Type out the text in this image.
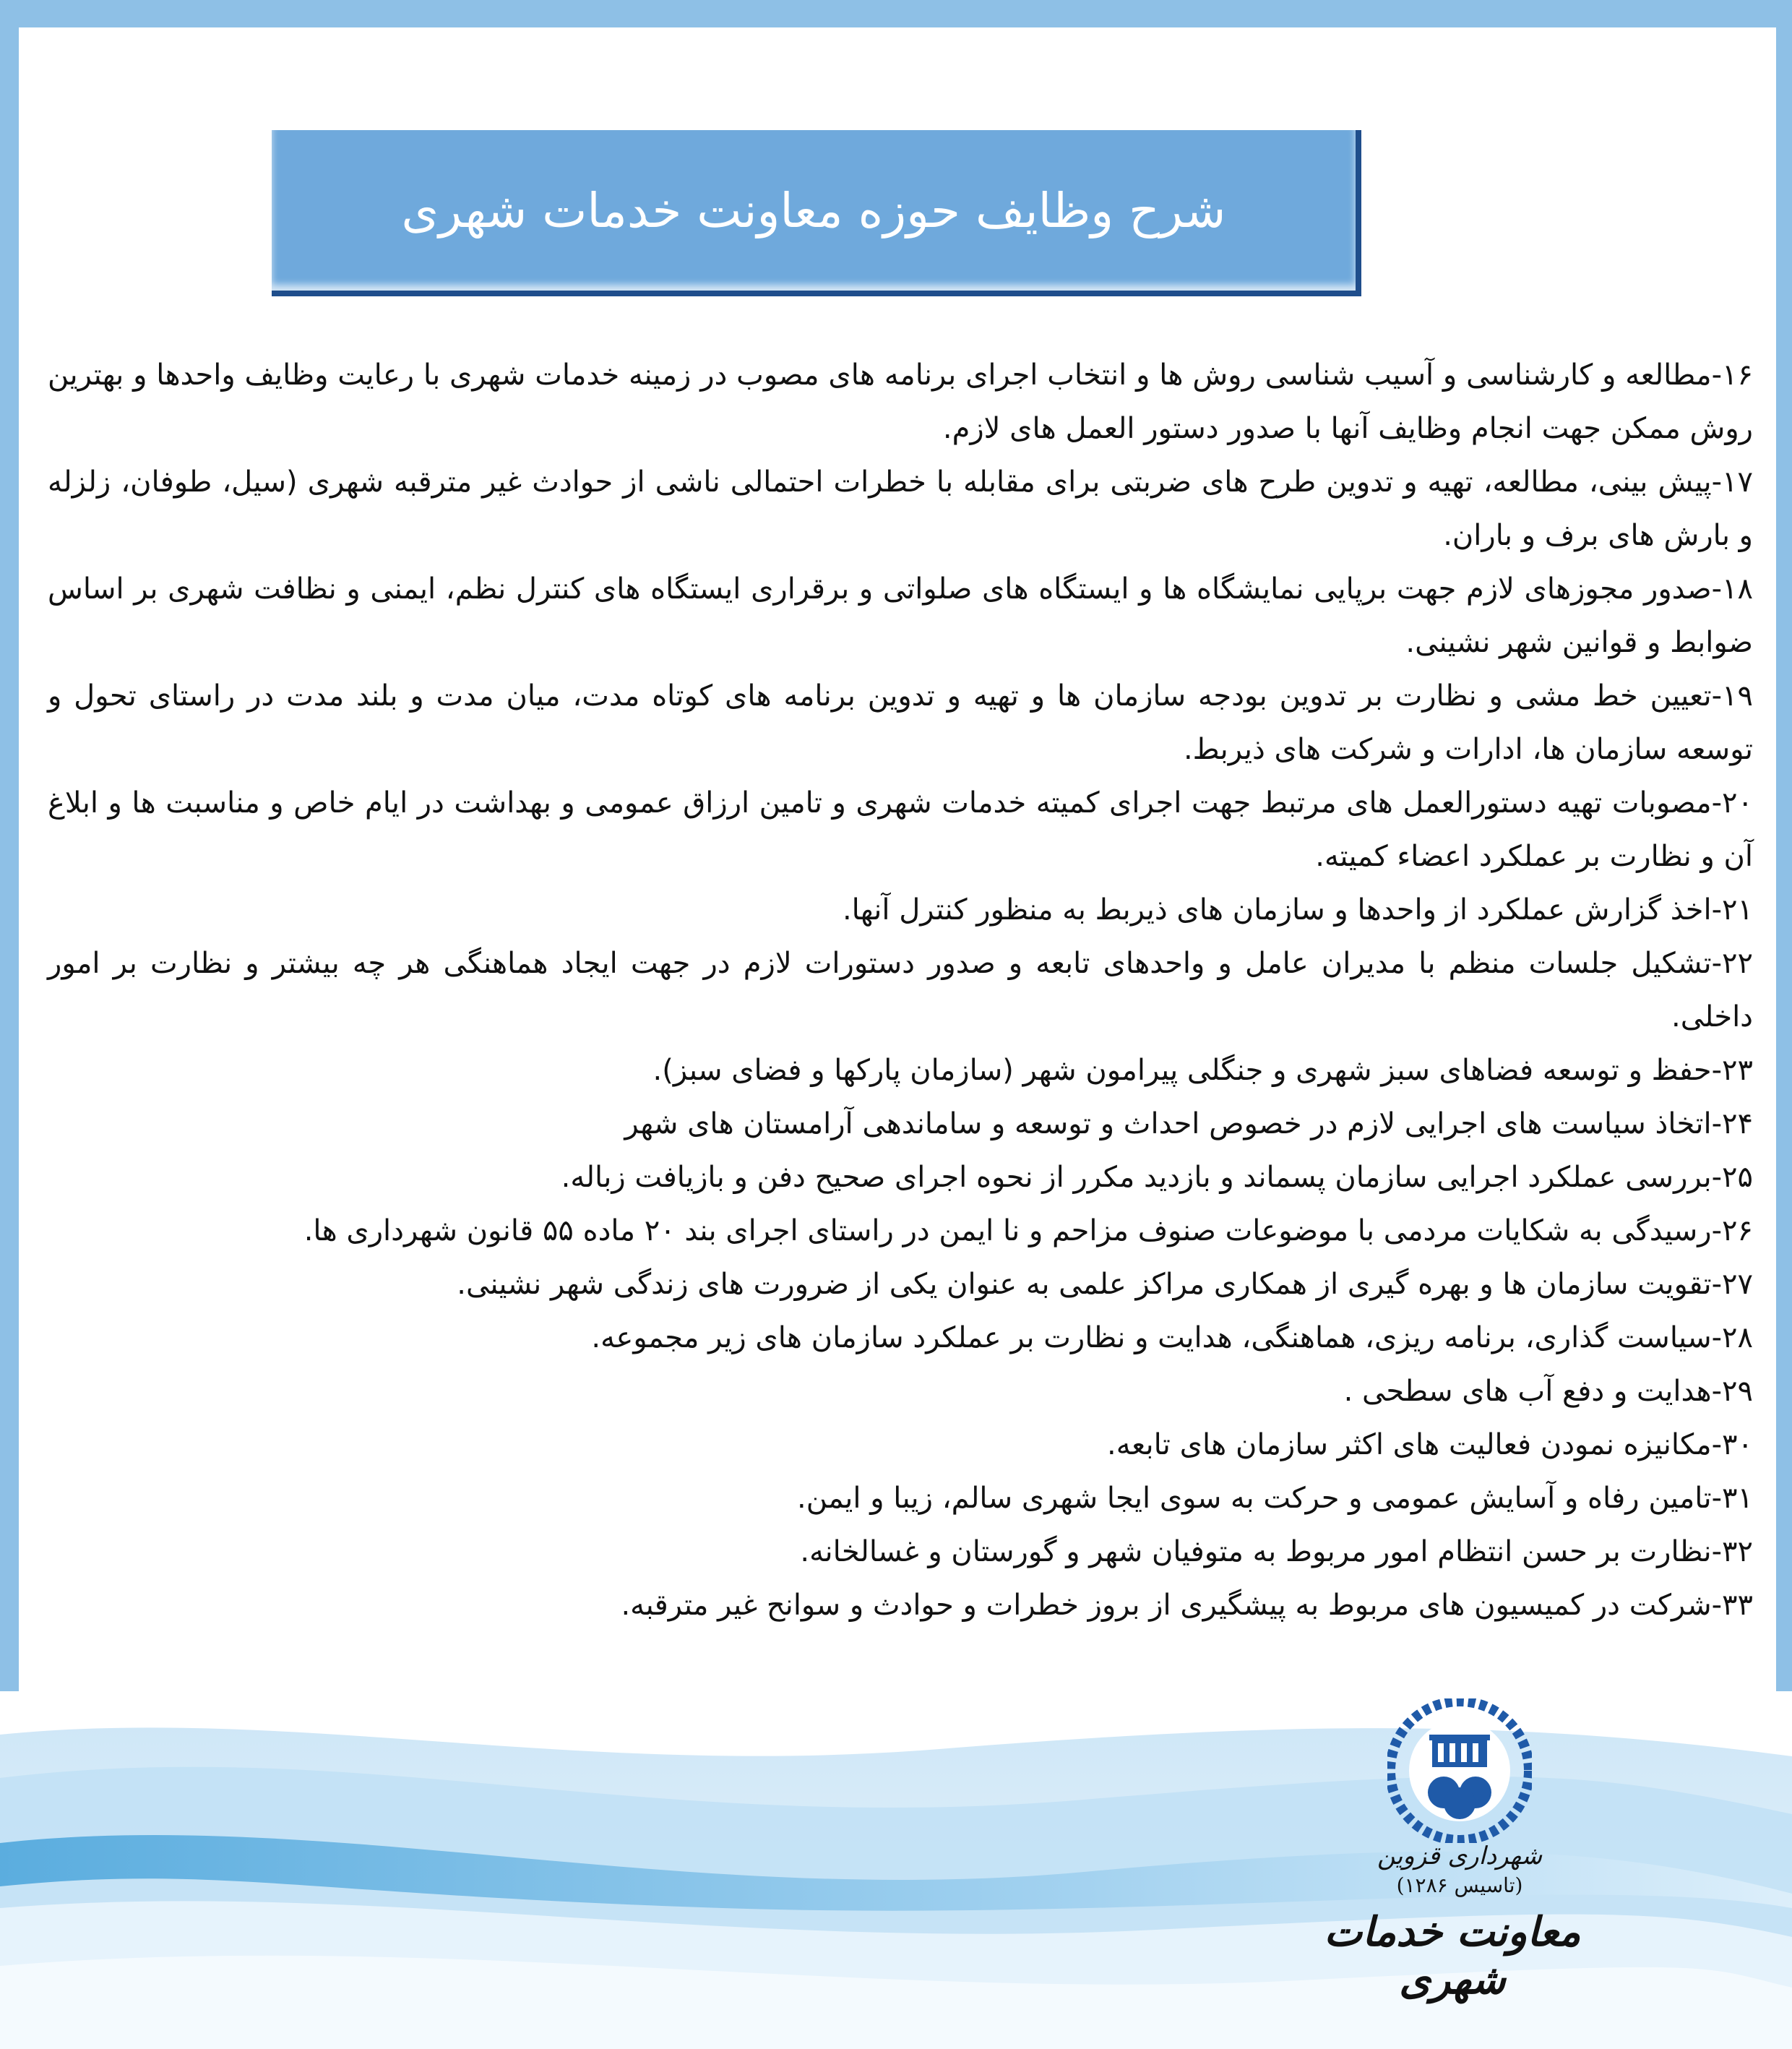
شرح وظایف حوزه معاونت خدمات شهری

۱۶-مطالعه و کارشناسی و آسیب شناسی روش ها و انتخاب اجرای برنامه های مصوب در زمینه خدمات شهری با رعایت وظایف واحدها و بهترین روش ممکن جهت انجام وظایف آنها با صدور دستور العمل های لازم.

۱۷-پیش بینی، مطالعه، تهیه و تدوین طرح های ضربتی برای مقابله با خطرات احتمالی ناشی از حوادث غیر مترقبه شهری (سیل، طوفان، زلزله و بارش های برف و باران.

۱۸-صدور مجوزهای لازم جهت برپایی نمایشگاه ها و ایستگاه های صلواتی و برقراری ایستگاه های کنترل نظم، ایمنی و نظافت شهری بر اساس ضوابط و قوانین شهر نشینی.

۱۹-تعیین خط مشی و نظارت بر تدوین بودجه سازمان ها و تهیه و تدوین برنامه های کوتاه مدت، میان مدت و بلند مدت در راستای تحول و توسعه سازمان ها، ادارات و شرکت های ذیربط.

۲۰-مصوبات تهیه دستورالعمل های مرتبط جهت اجرای کمیته خدمات شهری و تامین ارزاق عمومی و بهداشت در ایام خاص و مناسبت ها و ابلاغ آن و نظارت بر عملکرد اعضاء کمیته.

۲۱-اخذ گزارش عملکرد از واحدها و سازمان های ذیربط به منظور کنترل آنها.

۲۲-تشکیل جلسات منظم با مدیران عامل و واحدهای تابعه و صدور دستورات لازم در جهت ایجاد هماهنگی هر چه بیشتر و نظارت بر امور داخلی.

۲۳-حفظ و توسعه فضاهای سبز شهری و جنگلی پیرامون شهر (سازمان پارکها و فضای سبز).

۲۴-اتخاذ سیاست های اجرایی لازم در خصوص احداث و توسعه و ساماندهی آرامستان های شهر

۲۵-بررسی عملکرد اجرایی سازمان پسماند و بازدید مکرر از نحوه اجرای صحیح دفن و بازیافت زباله.

۲۶-رسیدگی به شکایات مردمی با موضوعات صنوف مزاحم و نا ایمن در راستای اجرای بند ۲۰ ماده ۵۵ قانون شهرداری ها.

۲۷-تقویت سازمان ها و بهره گیری از همکاری مراکز علمی به عنوان یکی از ضرورت های زندگی شهر نشینی.

۲۸-سیاست گذاری، برنامه ریزی، هماهنگی، هدایت و نظارت بر عملکرد سازمان های زیر مجموعه.

۲۹-هدایت و دفع آب های سطحی .

۳۰-مکانیزه نمودن فعالیت های اکثر سازمان های تابعه.

۳۱-تامین رفاه و آسایش عمومی و حرکت به سوی ایجا شهری سالم، زیبا و ایمن.

۳۲-نظارت بر حسن انتظام امور مربوط به متوفیان شهر و گورستان و غسالخانه.

۳۳-شرکت در کمیسیون های مربوط به پیشگیری از بروز خطرات و حوادث و سوانح غیر مترقبه.

شهرداری قزوین
(تاسیس ۱۲۸۶)
معاونت خدمات شهری
